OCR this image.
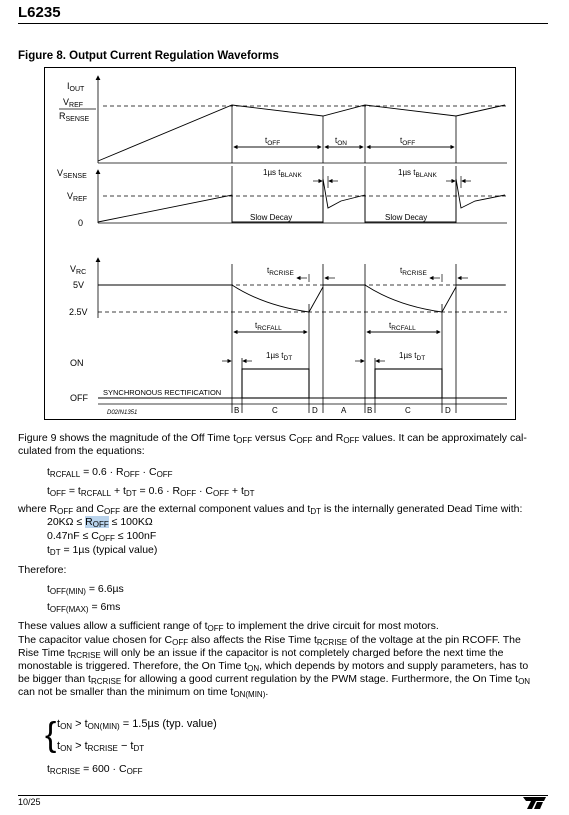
L6235
Figure 8. Output Current Regulation Waveforms
$I_{OUT}$
$V_{REF}$
$R_{SENSE}$
$t_{OFF}$	$t_{ON}$	$t_{OFF}$
$V_{SENSE}$
$V_{REF}$
0
1µs $t_{BLANK}$	1µs $t_{BLANK}$
Slow Decay	Slow Decay
$V_{RC}$
5V
2.5V
$t_{RCRISE}$	$t_{RCRISE}$
$t_{RCFALL}$	$t_{RCFALL}$
ON
OFF
SYNCHRONOUS RECTIFICATION
D02IN1351
1µs $t_{DT}$	1µs $t_{DT}$
B	C	D	A	B	C	D
Figure 9 shows the magnitude of the Off Time $t_{OFF}$ versus $C_{OFF}$ and $R_{OFF}$ values. It can be approximately cal-
culated from the equations:
$t_{RCFALL} = 0.6 \cdot R_{OFF} \cdot C_{OFF}$
$t_{OFF} = t_{RCFALL} + t_{DT} = 0.6 \cdot R_{OFF} \cdot C_{OFF} + t_{DT}$
where $R_{OFF}$ and $C_{OFF}$ are the external component values and $t_{DT}$ is the internally generated Dead Time with:
$20K\Omega \le R_{OFF} \le 100K\Omega$
$0.47nF \le C_{OFF} \le 100nF$
$t_{DT} = 1\mu s$ (typical value)
Therefore:
$t_{OFF(MIN)} = 6.6\mu s$
$t_{OFF(MAX)} = 6ms$
These values allow a sufficient range of $t_{OFF}$ to implement the drive circuit for most motors.
The capacitor value chosen for $C_{OFF}$ also affects the Rise Time $t_{RCRISE}$ of the voltage at the pin RCOFF. The
Rise Time $t_{RCRISE}$ will only be an issue if the capacitor is not completely charged before the next time the
monostable is triggered. Therefore, the On Time $t_{ON}$, which depends by motors and supply parameters, has to
be bigger than $t_{RCRISE}$ for allowing a good current regulation by the PWM stage. Furthermore, the On Time $t_{ON}$
can not be smaller than the minimum on time $t_{ON(MIN)}$.
{ $t_{ON} > t_{ON(MIN)} = 1.5\mu s$ (typ. value)
$t_{ON} > t_{RCRISE} - t_{DT}$
$t_{RCRISE} = 600 \cdot C_{OFF}$
10/25
